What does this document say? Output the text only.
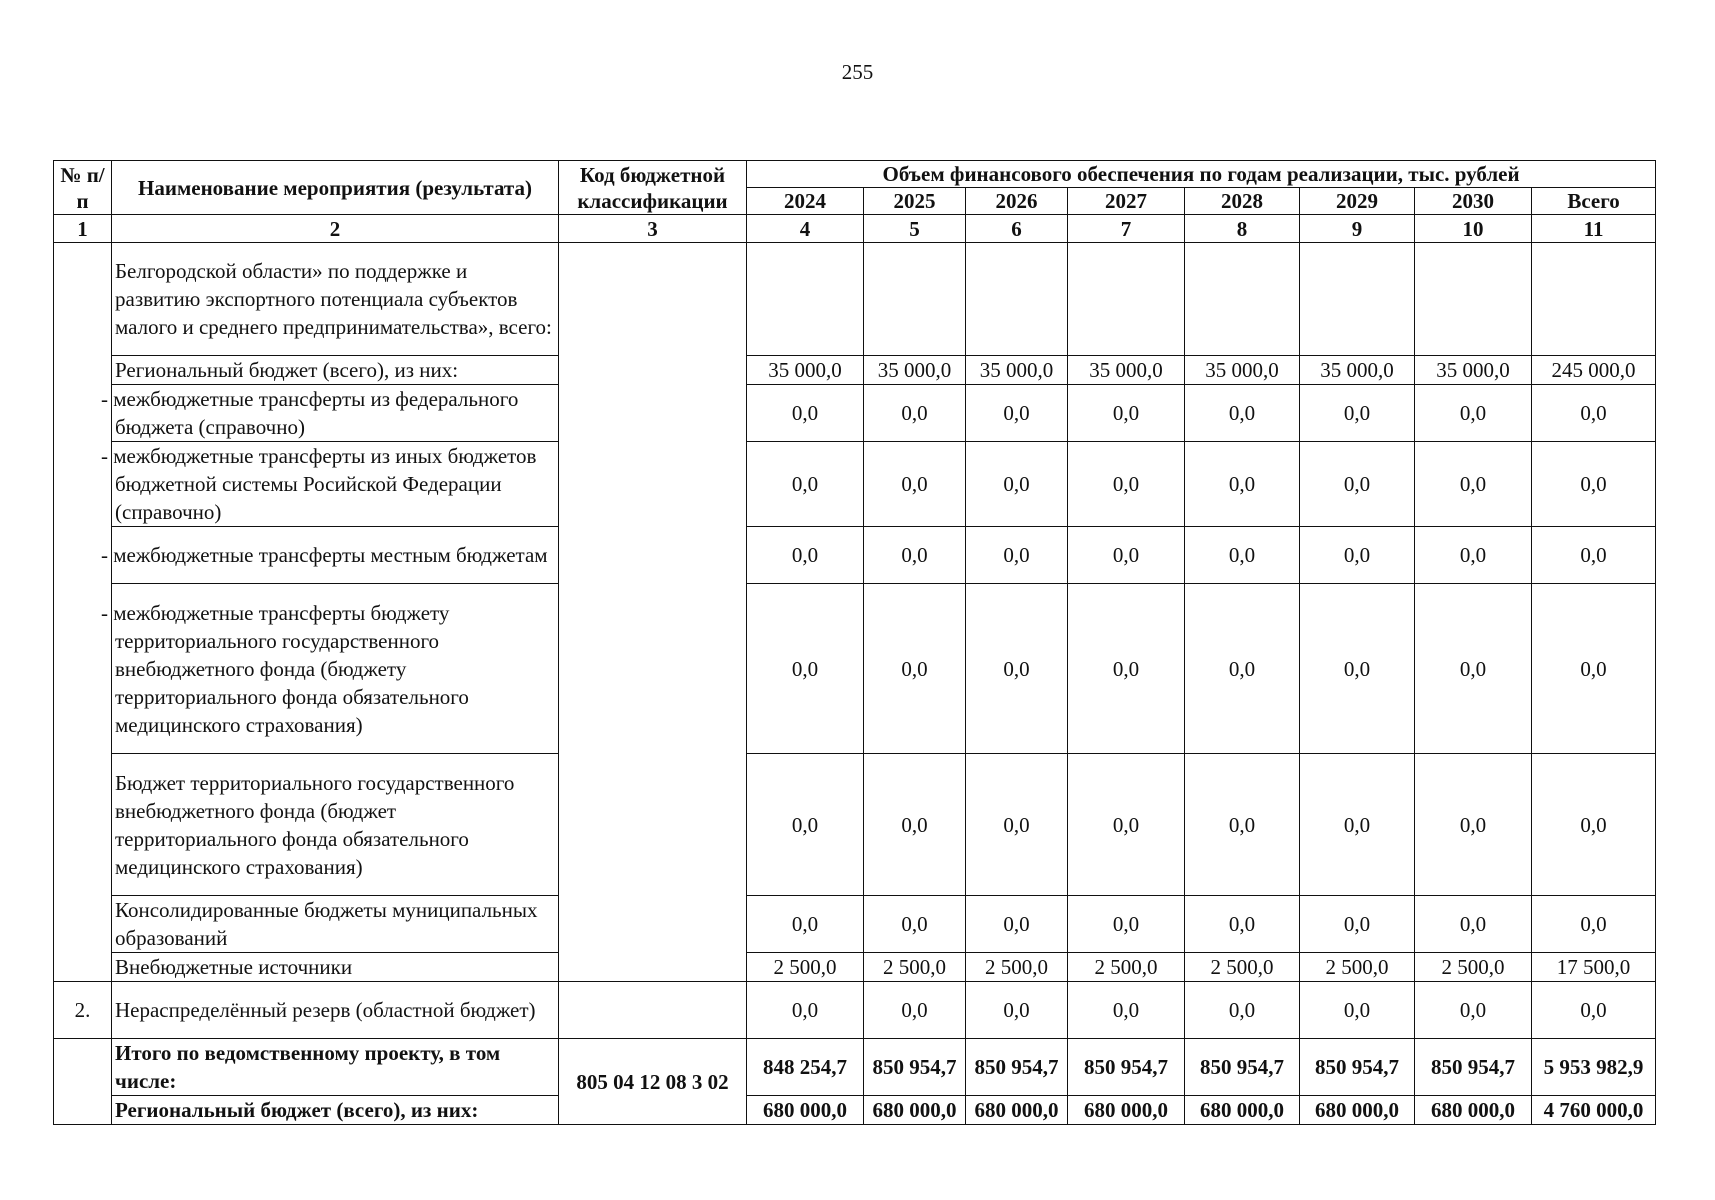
255
№ п/п	Наименование мероприятия (результата)	Код бюджетной классификации	Объем финансового обеспечения по годам реализации, тыс. рублей							
			2024	2025	2026	2027	2028	2029	2030	Всего
1	2	3	4	5	6	7	8	9	10	11
	Белгородской области» по поддержке и развитию экспортного потенциала субъектов малого и среднего предпринимательства», всего:									
	Региональный бюджет (всего), из них:		35 000,0	35 000,0	35 000,0	35 000,0	35 000,0	35 000,0	35 000,0	245 000,0
	- межбюджетные трансферты из федерального бюджета (справочно)		0,0	0,0	0,0	0,0	0,0	0,0	0,0	0,0
	- межбюджетные трансферты из иных бюджетов бюджетной системы Росийской Федерации (справочно)		0,0	0,0	0,0	0,0	0,0	0,0	0,0	0,0
	- межбюджетные трансферты местным бюджетам		0,0	0,0	0,0	0,0	0,0	0,0	0,0	0,0
	- межбюджетные трансферты бюджету территориального государственного внебюджетного фонда (бюджету территориального фонда обязательного медицинского страхования)		0,0	0,0	0,0	0,0	0,0	0,0	0,0	0,0
	Бюджет территориального государственного внебюджетного фонда (бюджет территориального фонда обязательного медицинского страхования)		0,0	0,0	0,0	0,0	0,0	0,0	0,0	0,0
	Консолидированные бюджеты муниципальных образований		0,0	0,0	0,0	0,0	0,0	0,0	0,0	0,0
	Внебюджетные источники		2 500,0	2 500,0	2 500,0	2 500,0	2 500,0	2 500,0	2 500,0	17 500,0
2.	Нераспределённый резерв (областной бюджет)		0,0	0,0	0,0	0,0	0,0	0,0	0,0	0,0
	Итого по ведомственному проекту, в том числе:	805 04 12 08 3 02	848 254,7	850 954,7	850 954,7	850 954,7	850 954,7	850 954,7	850 954,7	5 953 982,9
	Региональный бюджет (всего), из них:		680 000,0	680 000,0	680 000,0	680 000,0	680 000,0	680 000,0	680 000,0	4 760 000,0
